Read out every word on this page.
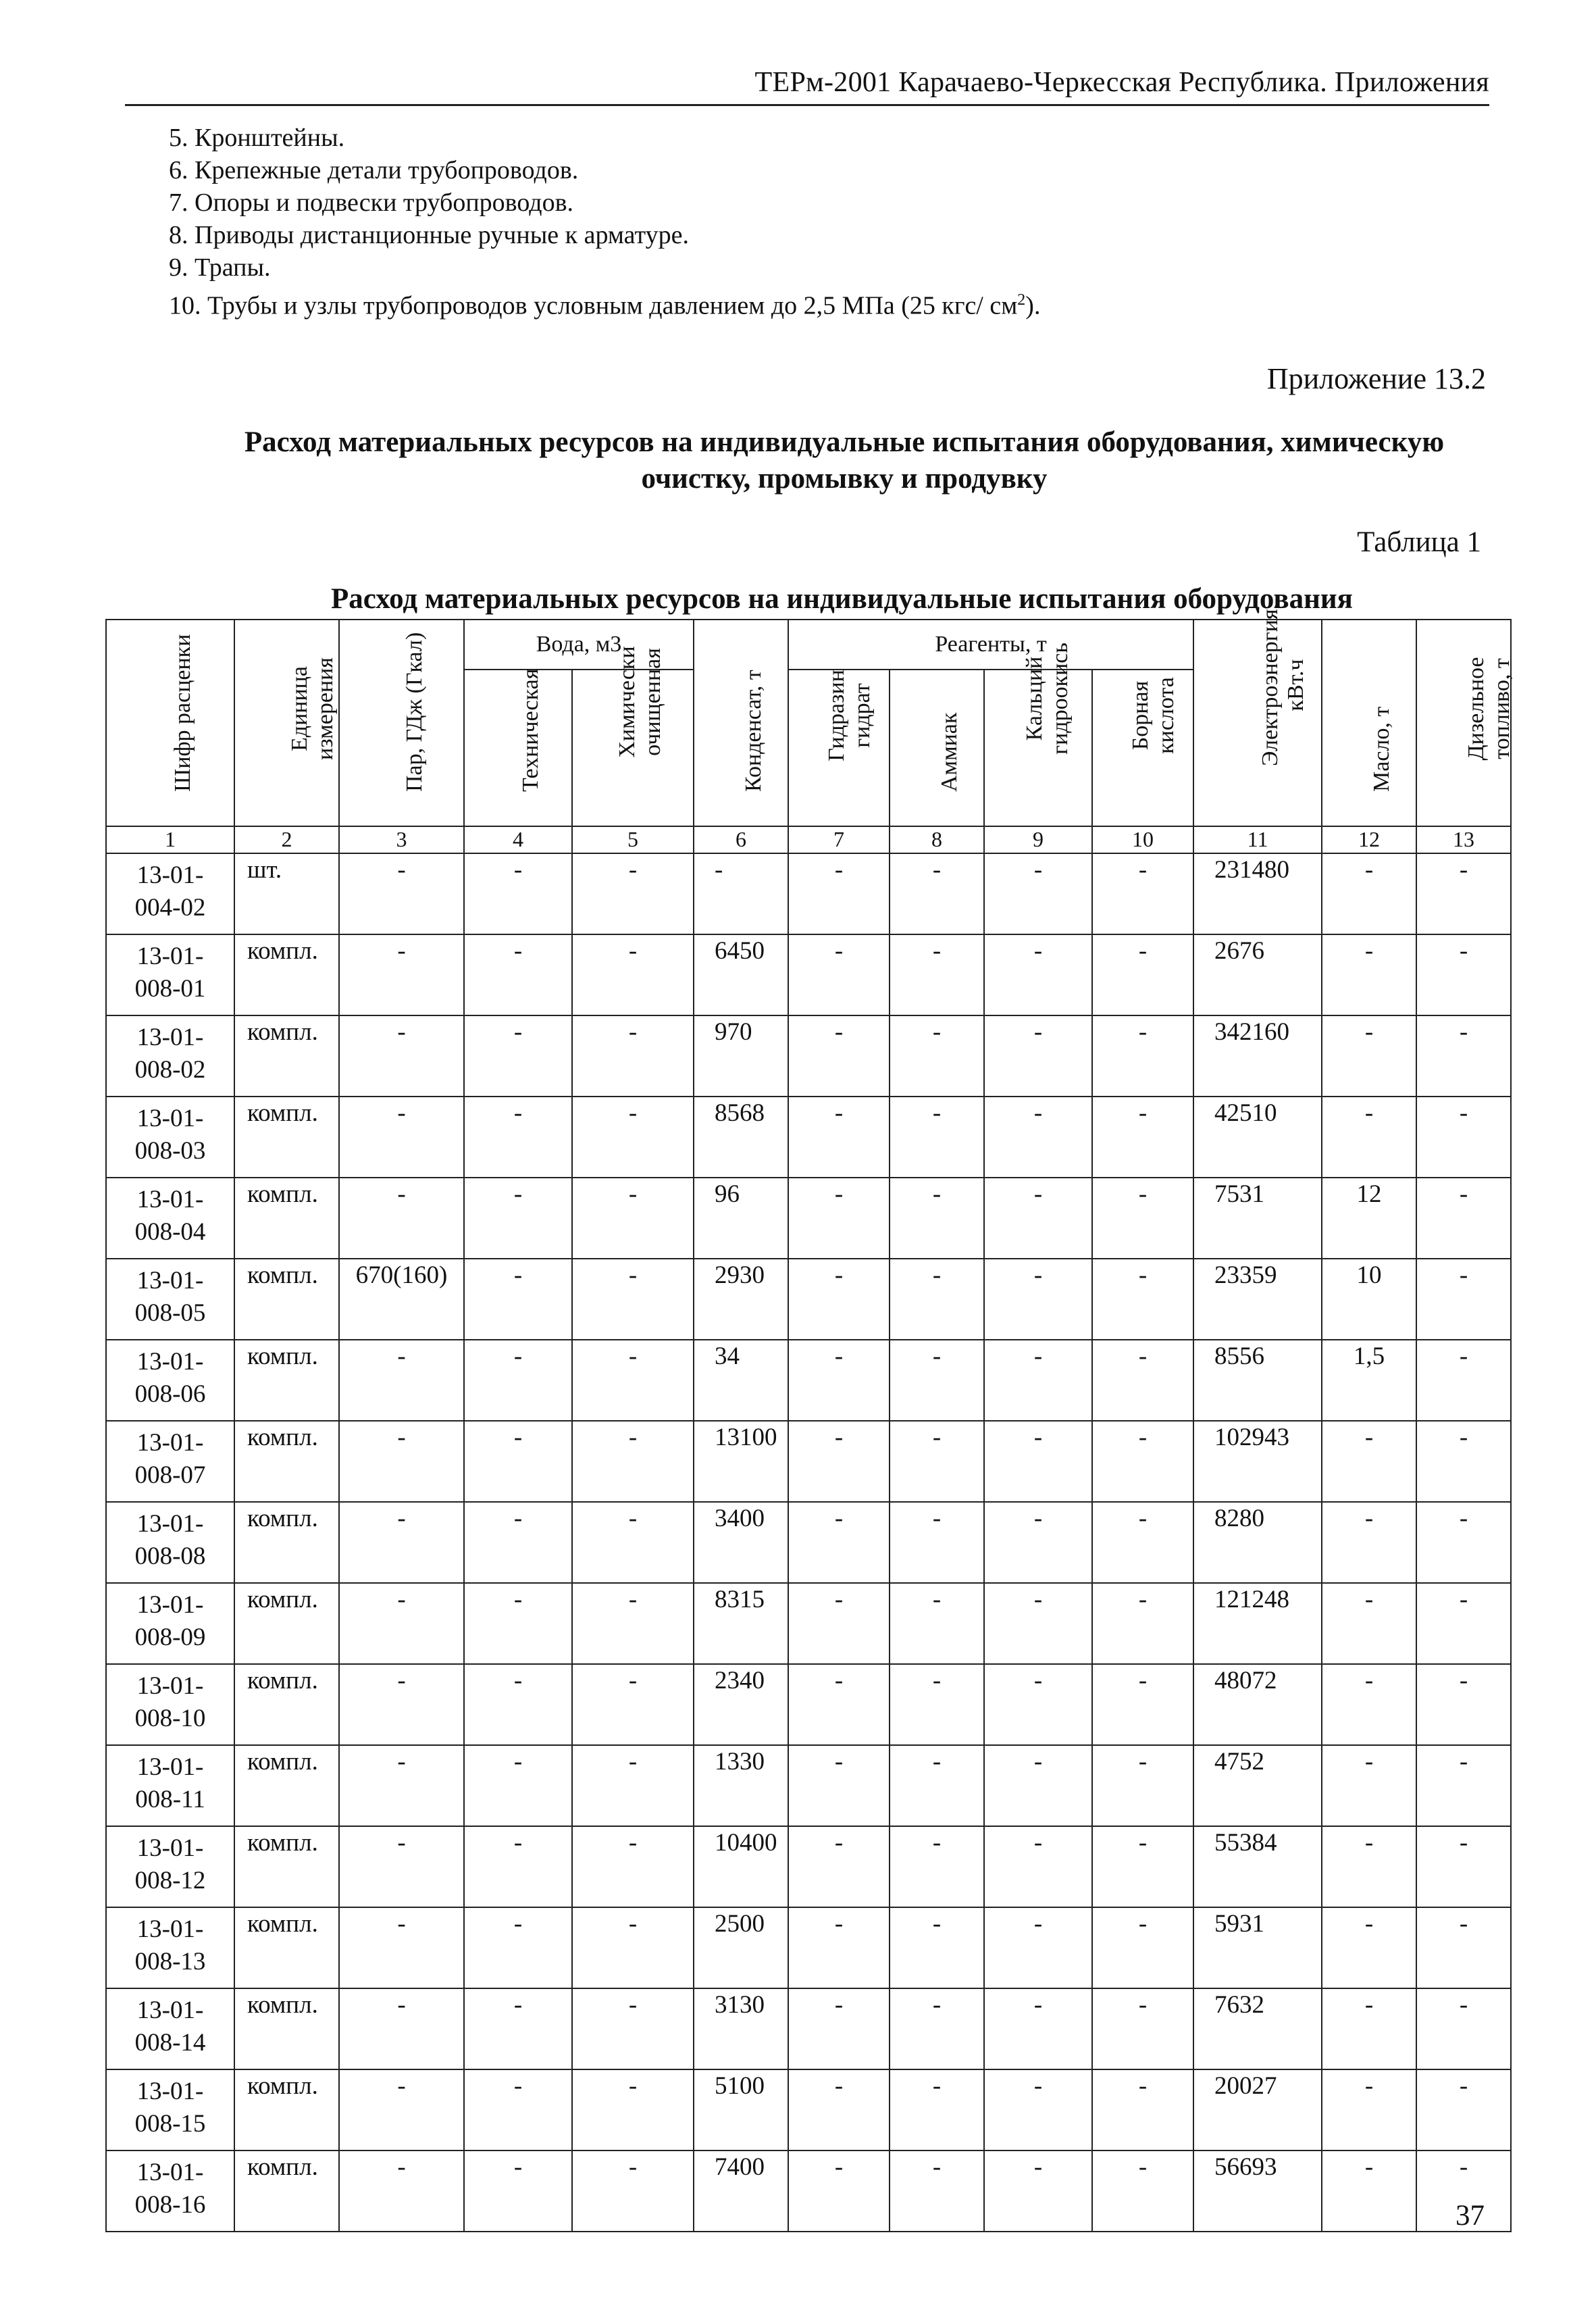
ТЕРм-2001 Карачаево-Черкесская Республика. Приложения
5. Кронштейны.
6. Крепежные детали трубопроводов.
7. Опоры и подвески трубопроводов.
8. Приводы дистанционные ручные к арматуре.
9. Трапы.
10. Трубы и узлы трубопроводов условным давлением до 2,5 МПа (25 кгс/ $см^2$).
Приложение 13.2
Расход материальных ресурсов на индивидуальные испытания оборудования, химическую очистку, промывку и продувку
Таблица 1
Расход материальных ресурсов на индивидуальные испытания оборудования
Шифр расценки	Единица измерения	Пар, ГДж (Гкал)	Вода, м3		Конденсат, т	Реагенты, т				Электроэнергия, кВт.ч	Масло, т	Дизельное топливо, т

			Техническая	Химически очищенная		Гидразин гидрат	Аммиак	Кальций гидроокись	Борная кислота			

1	2	3	4	5	6	7	8	9	10	11	12	13

13-01-
004-02	шт.	-	-	-	-	-	-	-	-	231480	-	-

13-01-
008-01	компл.	-	-	-	6450	-	-	-	-	2676	-	-

13-01-
008-02	компл.	-	-	-	970	-	-	-	-	342160	-	-

13-01-
008-03	компл.	-	-	-	8568	-	-	-	-	42510	-	-

13-01-
008-04	компл.	-	-	-	96	-	-	-	-	7531	12	-

13-01-
008-05	компл.	670(160)	-	-	2930	-	-	-	-	23359	10	-

13-01-
008-06	компл.	-	-	-	34	-	-	-	-	8556	1,5	-

13-01-
008-07	компл.	-	-	-	13100	-	-	-	-	102943	-	-

13-01-
008-08	компл.	-	-	-	3400	-	-	-	-	8280	-	-

13-01-
008-09	компл.	-	-	-	8315	-	-	-	-	121248	-	-

13-01-
008-10	компл.	-	-	-	2340	-	-	-	-	48072	-	-

13-01-
008-11	компл.	-	-	-	1330	-	-	-	-	4752	-	-

13-01-
008-12	компл.	-	-	-	10400	-	-	-	-	55384	-	-

13-01-
008-13	компл.	-	-	-	2500	-	-	-	-	5931	-	-

13-01-
008-14	компл.	-	-	-	3130	-	-	-	-	7632	-	-

13-01-
008-15	компл.	-	-	-	5100	-	-	-	-	20027	-	-

13-01-
008-16	компл.	-	-	-	7400	-	-	-	-	56693	-	-
37
